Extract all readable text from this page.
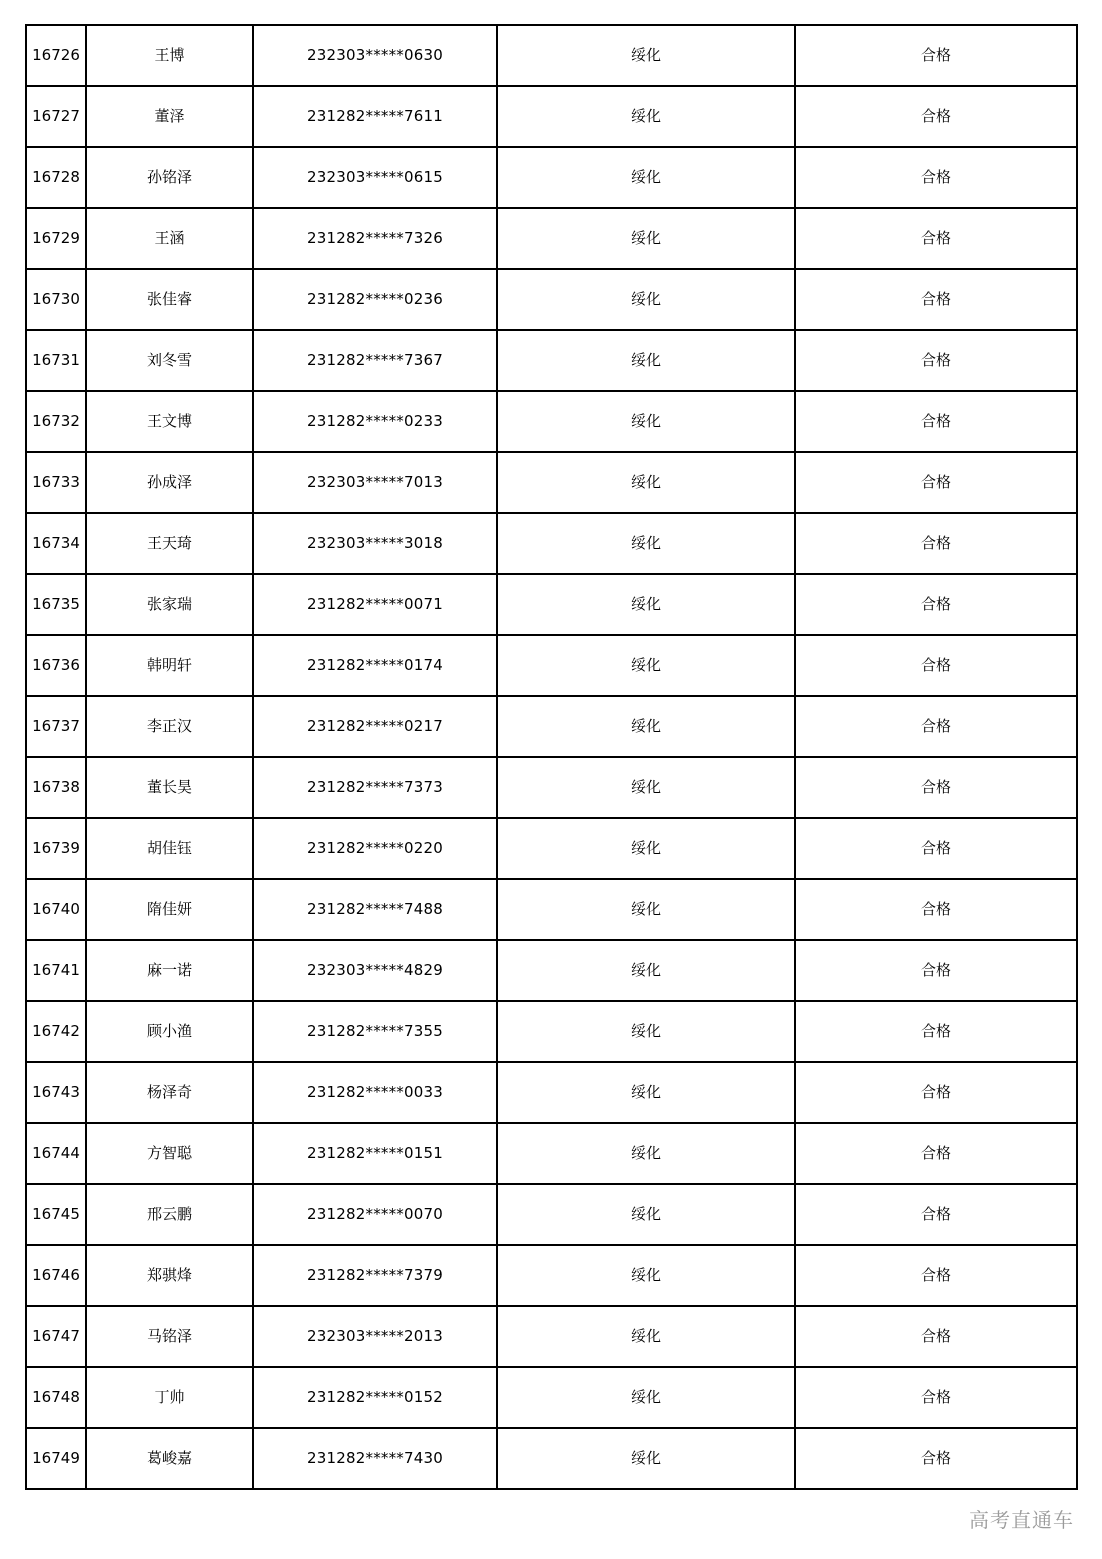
16726	王博	232303*****0630	绥化	合格
16727	董泽	231282*****7611	绥化	合格
16728	孙铭泽	232303*****0615	绥化	合格
16729	王涵	231282*****7326	绥化	合格
16730	张佳睿	231282*****0236	绥化	合格
16731	刘冬雪	231282*****7367	绥化	合格
16732	王文博	231282*****0233	绥化	合格
16733	孙成泽	232303*****7013	绥化	合格
16734	王天琦	232303*****3018	绥化	合格
16735	张家瑞	231282*****0071	绥化	合格
16736	韩明轩	231282*****0174	绥化	合格
16737	李正汉	231282*****0217	绥化	合格
16738	董长昊	231282*****7373	绥化	合格
16739	胡佳钰	231282*****0220	绥化	合格
16740	隋佳妍	231282*****7488	绥化	合格
16741	麻一诺	232303*****4829	绥化	合格
16742	顾小渔	231282*****7355	绥化	合格
16743	杨泽奇	231282*****0033	绥化	合格
16744	方智聪	231282*****0151	绥化	合格
16745	邢云鹏	231282*****0070	绥化	合格
16746	郑骐烽	231282*****7379	绥化	合格
16747	马铭泽	232303*****2013	绥化	合格
16748	丁帅	231282*****0152	绥化	合格
16749	葛峻嘉	231282*****7430	绥化	合格
高考直通车
